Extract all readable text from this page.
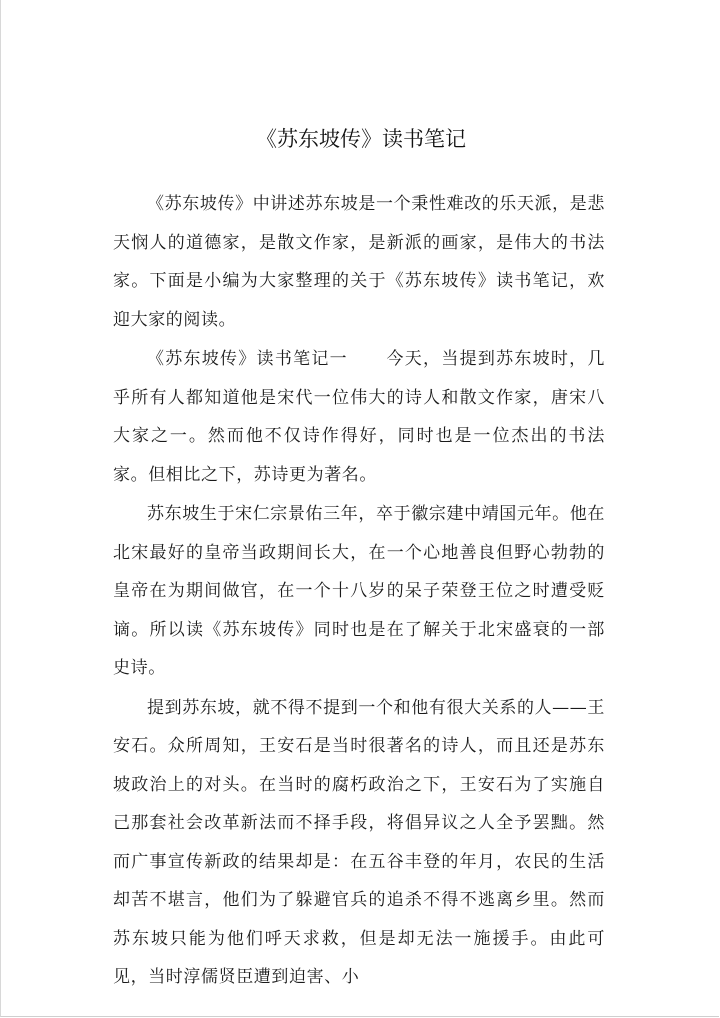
《苏东坡传》读书笔记

《苏东坡传》中讲述苏东坡是一个秉性难改的乐天派，是悲天悯人的道德家，是散文作家，是新派的画家，是伟大的书法家。下面是小编为大家整理的关于《苏东坡传》读书笔记，欢迎大家的阅读。

《苏东坡传》读书笔记一 今天，当提到苏东坡时，几乎所有人都知道他是宋代一位伟大的诗人和散文作家，唐宋八大家之一。然而他不仅诗作得好，同时也是一位杰出的书法家。但相比之下，苏诗更为著名。

苏东坡生于宋仁宗景佑三年，卒于徽宗建中靖国元年。他在北宋最好的皇帝当政期间长大，在一个心地善良但野心勃勃的皇帝在为期间做官，在一个十八岁的呆子荣登王位之时遭受贬谪。所以读《苏东坡传》同时也是在了解关于北宋盛衰的一部史诗。

提到苏东坡，就不得不提到一个和他有很大关系的人——王安石。众所周知，王安石是当时很著名的诗人，而且还是苏东坡政治上的对头。在当时的腐朽政治之下，王安石为了实施自己那套社会改革新法而不择手段，将倡异议之人全予罢黜。然而广事宣传新政的结果却是：在五谷丰登的年月，农民的生活却苦不堪言，他们为了躲避官兵的追杀不得不逃离乡里。然而苏东坡只能为他们呼天求救，但是却无法一施援手。由此可见，当时淳儒贤臣遭到迫害、小
